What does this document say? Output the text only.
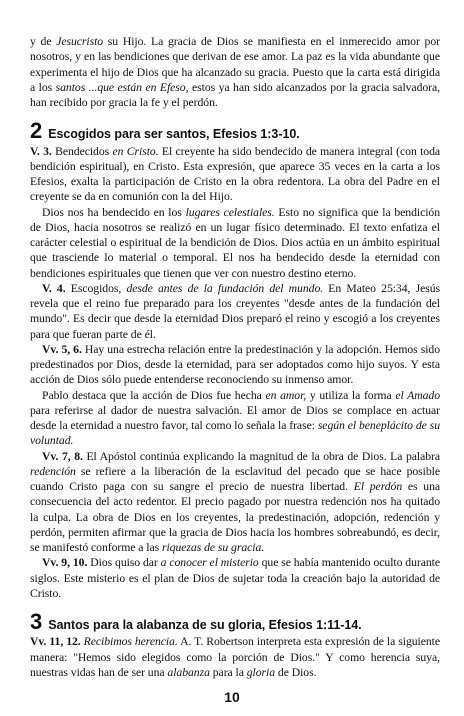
y de Jesucristo su Hijo. La gracia de Dios se manifiesta en el inmerecido amor por nosotros, y en las bendiciones que derivan de ese amor. La paz es la vida abundante que experimenta el hijo de Dios que ha alcanzado su gracia. Puesto que la carta está dirigida a los santos ...que están en Efeso, estos ya han sido alcanzados por la gracia salvadora, han recibido por gracia la fe y el perdón.

2 Escogidos para ser santos, Efesios 1:3-10.

V. 3. Bendecidos en Cristo. El creyente ha sido bendecido de manera integral (con toda bendición espiritual), en Cristo. Esta expresión, que aparece 35 veces en la carta a los Efesios, exalta la participación de Cristo en la obra redentora. La obra del Padre en el creyente se da en comunión con la del Hijo.

Dios nos ha bendecido en los lugares celestiales. Esto no significa que la bendición de Dios, hacia nosotros se realizó en un lugar físico determinado. El texto enfatiza el carácter celestial o espiritual de la bendición de Dios. Dios actúa en un ámbito espiritual que trasciende lo material o temporal. El nos ha bendecido desde la eternidad con bendiciones espirituales que tienen que ver con nuestro destino eterno.

V. 4. Escogidos, desde antes de la fundación del mundo. En Mateo 25:34, Jesús revela que el reino fue preparado para los creyentes "desde antes de la fundación del mundo". Es decir que desde la eternidad Dios preparó el reino y escogió a los creyentes para que fueran parte de él.

Vv. 5, 6. Hay una estrecha relación entre la predestinación y la adopción. Hemos sido predestinados por Dios, desde la eternidad, para ser adoptados como hijo suyos. Y esta acción de Dios sólo puede entenderse reconociendo su inmenso amor.

Pablo destaca que la acción de Dios fue hecha en amor, y utiliza la forma el Amado para referirse al dador de nuestra salvación. El amor de Dios se complace en actuar desde la eternidad a nuestro favor, tal como lo señala la frase: según el beneplácito de su voluntad.

Vv. 7, 8. El Apóstol continúa explicando la magnitud de la obra de Dios. La palabra redención se refiere a la liberación de la esclavitud del pecado que se hace posible cuando Cristo paga con su sangre el precio de nuestra libertad. El perdón es una consecuencia del acto redentor. El precio pagado por nuestra redención nos ha quitado la culpa. La obra de Dios en los creyentes, la predestinación, adopción, redención y perdón, permiten afirmar que la gracia de Dios hacia los hombres sobreabundó, es decir, se manifestó conforme a las riquezas de su gracia.

Vv. 9, 10. Dios quiso dar a conocer el misterio que se había mantenido oculto durante siglos. Este misterio es el plan de Dios de sujetar toda la creación bajo la autoridad de Cristo.

3 Santos para la alabanza de su gloria, Efesios 1:11-14.

Vv. 11, 12. Recibimos herencia. A. T. Robertson interpreta esta expresión de la siguiente manera: "Hemos sido elegidos como la porción de Dios." Y como herencia suya, nuestras vidas han de ser una alabanza para la gloria de Dios.

10
